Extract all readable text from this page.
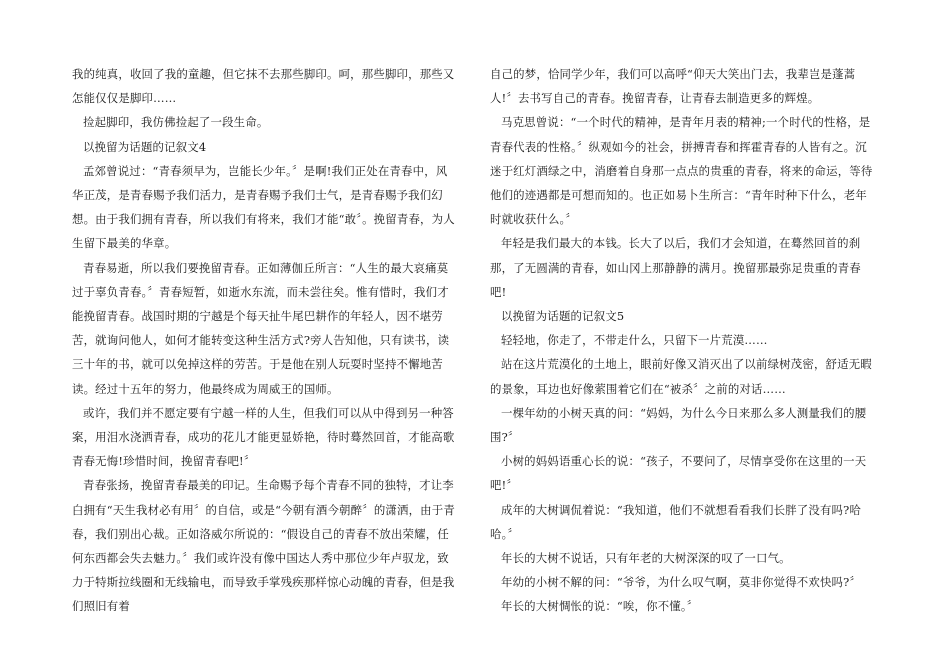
我的纯真，收回了我的童趣，但它抹不去那些脚印。呵，那些脚印，那些又怎能仅仅是脚印……

捡起脚印，我仿佛捡起了一段生命。

以挽留为话题的记叙文4

孟郊曾说过：“青春须早为，岂能长少年。〞是啊!我们正处在青春中，风华正茂，是青春赐予我们活力，是青春赐予我们士气，是青春赐予我们幻想。由于我们拥有青春，所以我们有将来，我们才能“敢〞。挽留青春，为人生留下最美的华章。

青春易逝，所以我们要挽留青春。正如薄伽丘所言：“人生的最大哀痛莫过于辜负青春。〞青春短暂，如逝水东流，而未尝往矣。惟有惜时，我们才能挽留青春。战国时期的宁越是个每天扯牛尾巴耕作的年轻人，因不堪劳苦，就询问他人，如何才能转变这种生活方式?旁人告知他，只有读书，读三十年的书，就可以免掉这样的劳苦。于是他在别人玩耍时坚持不懈地苦读。经过十五年的努力，他最终成为周威王的国师。

或许，我们并不愿定要有宁越一样的人生，但我们可以从中得到另一种答案，用泪水浇洒青春，成功的花儿才能更显娇艳，待时蓦然回首，才能高歌青春无悔!珍惜时间，挽留青春吧!〞

青春张扬，挽留青春最美的印记。生命赐予每个青春不同的独特，才让李白拥有“天生我材必有用〞的自信，或是“今朝有酒今朝醉〞的潇洒，由于青春，我们别出心裁。正如洛威尔所说的：“假设自己的青春不放出荣耀，任何东西都会失去魅力。〞我们或许没有像中国达人秀中那位少年卢驭龙，致力于特斯拉线圈和无线输电，而导致手掌残疾那样惊心动魄的青春，但是我们照旧有着

自己的梦，恰同学少年，我们可以高呼“仰天大笑出门去，我辈岂是蓬蒿人!〞去书写自己的青春。挽留青春，让青春去制造更多的辉煌。

马克思曾说：“一个时代的精神，是青年月表的精神;一个时代的性格，是青春代表的性格。〞纵观如今的社会，拼搏青春和挥霍青春的人皆有之。沉迷于红灯酒绿之中，消磨着自身那一点点的贵重的青春，将来的命运，等待他们的迹遇都是可想而知的。也正如易卜生所言：“青年时种下什么，老年时就收获什么。〞

年轻是我们最大的本钱。长大了以后，我们才会知道，在蓦然回首的刹那，了无圆满的青春，如山冈上那静静的满月。挽留那最弥足贵重的青春吧!

以挽留为话题的记叙文5

轻轻地，你走了，不带走什么，只留下一片荒漠……

站在这片荒漠化的土地上，眼前好像又消灭出了以前绿树茂密，舒适无暇的景象，耳边也好像萦围着它们在“被杀〞之前的对话……

一棵年幼的小树天真的问：“妈妈，为什么今日来那么多人测量我们的腰围?〞

小树的妈妈语重心长的说：“孩子，不要问了，尽情享受你在这里的一天吧!〞

成年的大树调侃着说：“我知道，他们不就想看看我们长胖了没有吗?哈哈。〞

年长的大树不说话，只有年老的大树深深的叹了一口气。

年幼的小树不解的问：“爷爷，为什么叹气啊，莫非你觉得不欢快吗?〞

年长的大树惆怅的说：“唉，你不懂。〞
